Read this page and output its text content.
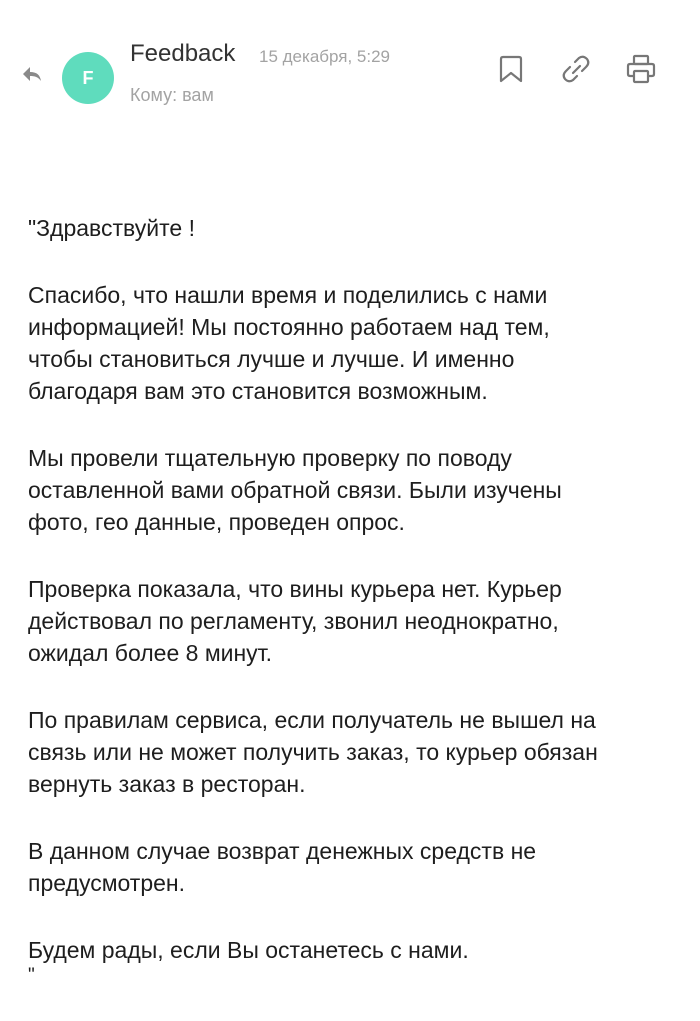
F
Feedback 15 декабря, 5:29
Кому: вам

"Здравствуйте !

Спасибо, что нашли время и поделились с нами
информацией! Мы постоянно работаем над тем,
чтобы становиться лучше и лучше. И именно
благодаря вам это становится возможным.

Мы провели тщательную проверку по поводу
оставленной вами обратной связи. Были изучены
фото, гео данные, проведен опрос.

Проверка показала, что вины курьера нет. Курьер
действовал по регламенту, звонил неоднократно,
ожидал более 8 минут.

По правилам сервиса, если получатель не вышел на
связь или не может получить заказ, то курьер обязан
вернуть заказ в ресторан.

В данном случае возврат денежных средств не
предусмотрен.

Будем рады, если Вы останетесь с нами.

"
